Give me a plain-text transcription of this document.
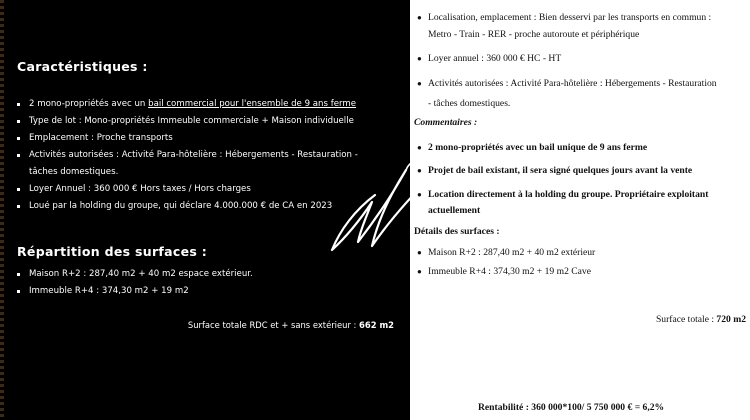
Caractéristiques :
2 mono-propriétés avec un bail commercial pour l'ensemble de 9 ans ferme
Type de lot : Mono-propriétés Immeuble commerciale + Maison individuelle
Emplacement : Proche transports
Activités autorisées : Activité Para-hôtelière : Hébergements - Restauration -
tâches domestiques.
Loyer Annuel : 360 000 € Hors taxes / Hors charges
Loué par la holding du groupe, qui déclare 4.000.000 € de CA en 2023
Répartition des surfaces :
Maison R+2 : 287,40 m2 + 40 m2 espace extérieur.
Immeuble R+4 : 374,30 m2 + 19 m2
Surface totale RDC et + sans extérieur : 662 m2
● Localisation, emplacement : Bien desservi par les transports en commun :

Metro - Train - RER - proche autoroute et périphérique

● Loyer annuel : 360 000 € HC - HT

● Activités autorisées : Activité Para-hôtelière : Hébergements - Restauration

- tâches domestiques.

Commentaires :

● 2 mono-propriétés avec un bail unique de 9 ans ferme

● Projet de bail existant, il sera signé quelques jours avant la vente

● Location directement à la holding du groupe. Propriétaire exploitant

actuellement

Détails des surfaces :

● Maison R+2 : 287,40 m2 + 40 m2 extérieur

● Immeuble R+4 : 374,30 m2 + 19 m2 Cave

Surface totale : 720 m2

Rentabilité : 360 000*100/ 5 750 000 € = 6,2%
